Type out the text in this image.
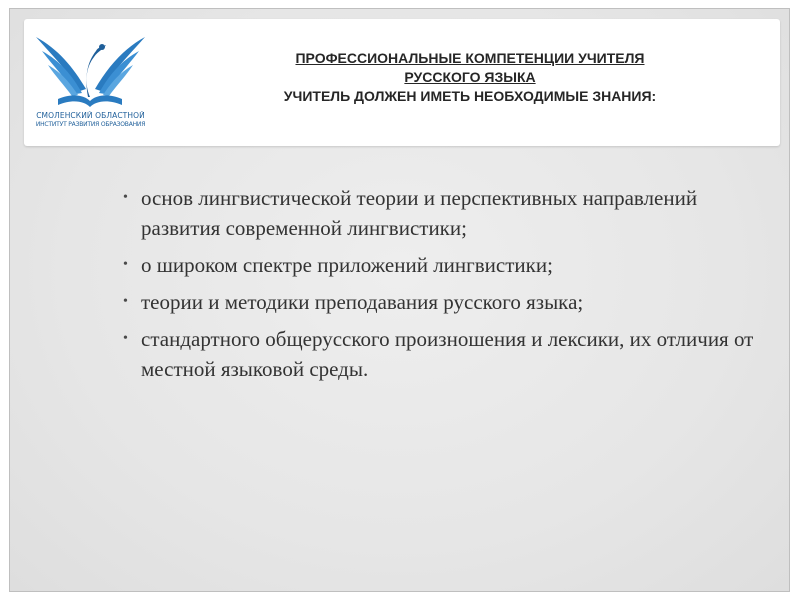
СМОЛЕНСКИЙ ОБЛАСТНОЙ
ИНСТИТУТ РАЗВИТИЯ ОБРАЗОВАНИЯ
ПРОФЕССИОНАЛЬНЫЕ КОМПЕТЕНЦИИ УЧИТЕЛЯ
РУССКОГО ЯЗЫКА
УЧИТЕЛЬ ДОЛЖЕН ИМЕТЬ НЕОБХОДИМЫЕ ЗНАНИЯ:
• основ лингвистической теории и перспективных направлений развития современной лингвистики;
• о широком спектре приложений лингвистики;
• теории и методики преподавания русского языка;
• стандартного общерусского произношения и лексики, их отличия от местной языковой среды.
